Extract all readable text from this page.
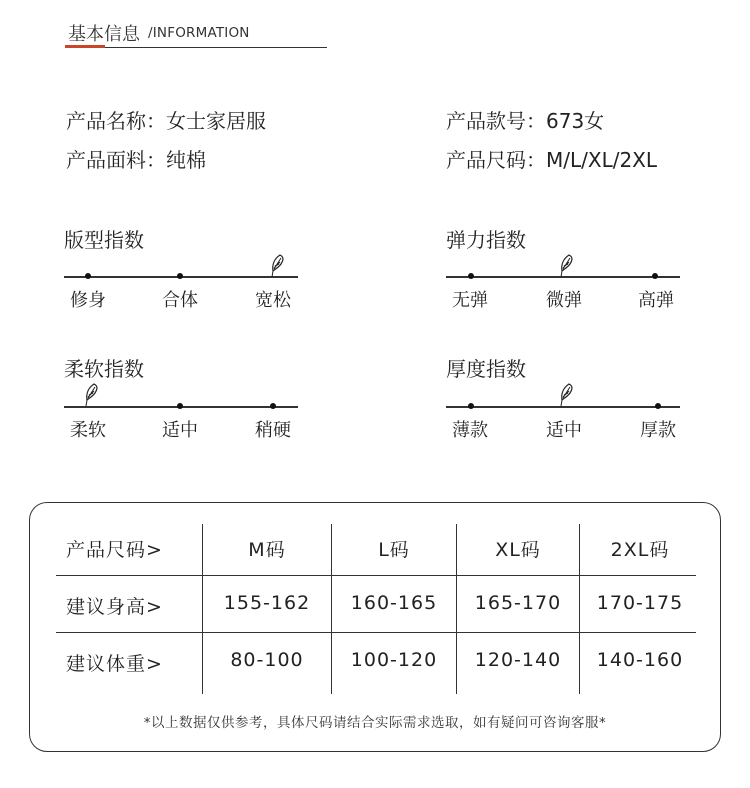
基本信息 /INFORMATION
产品名称：女士家居服	产品款号：673女
产品面料：纯棉	产品尺码：M/L/XL/2XL
版型指数
修身	合体	宽松
弹力指数
无弹	微弹	高弹
柔软指数
柔软	适中	稍硬
厚度指数
薄款	适中	厚款
产品尺码>	M码	L码	XL码	2XL码
建议身高>	155-162	160-165	165-170	170-175
建议体重>	80-100	100-120	120-140	140-160
*以上数据仅供参考，具体尺码请结合实际需求选取，如有疑问可咨询客服*
